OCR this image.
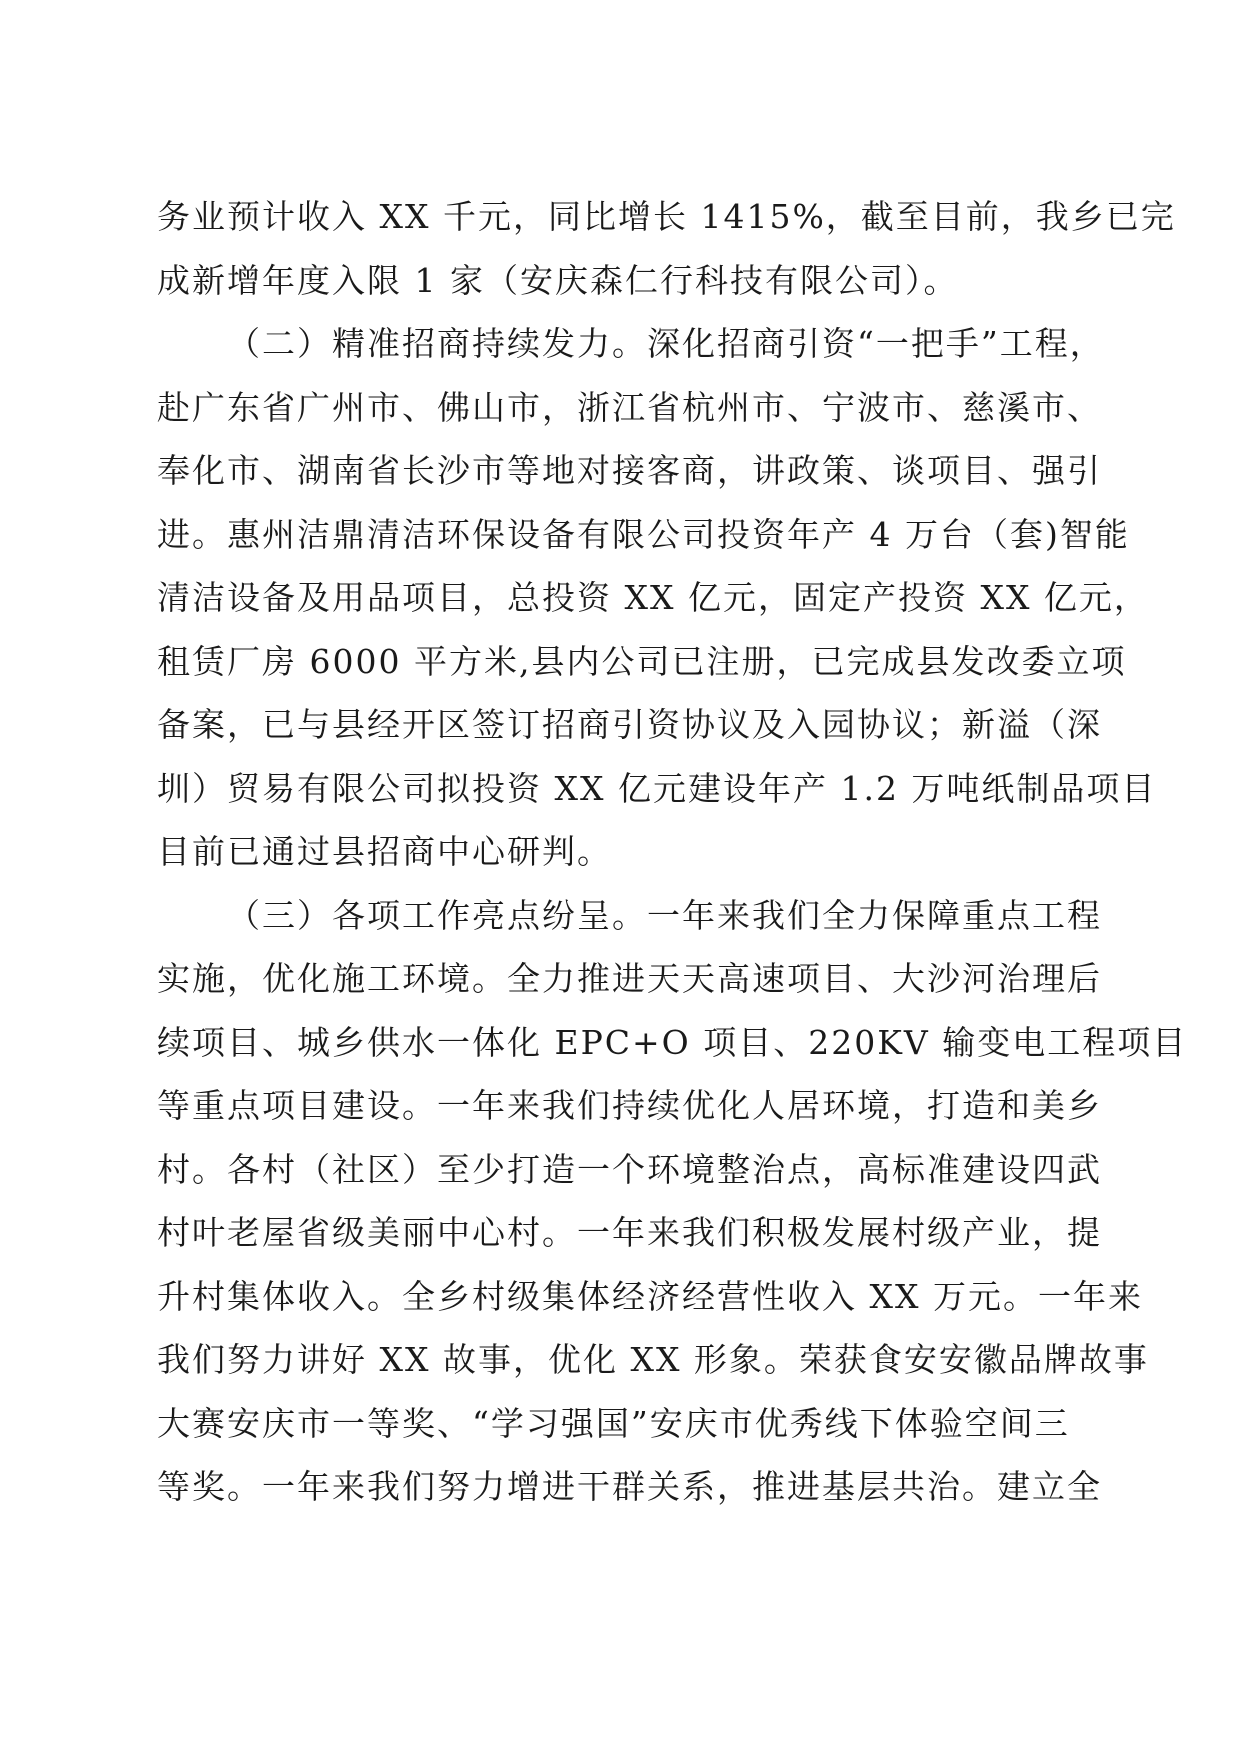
务业预计收入 XX 千元，同比增长 1415%，截至目前，我乡已完
成新增年度入限 1 家（安庆森仁行科技有限公司）。
（二）精准招商持续发力。深化招商引资“一把手”工程，
赴广东省广州市、佛山市，浙江省杭州市、宁波市、慈溪市、
奉化市、湖南省长沙市等地对接客商，讲政策、谈项目、强引
进。惠州洁鼎清洁环保设备有限公司投资年产 4 万台（套)智能
清洁设备及用品项目，总投资 XX 亿元，固定产投资 XX 亿元，
租赁厂房 6000 平方米,县内公司已注册，已完成县发改委立项
备案，已与县经开区签订招商引资协议及入园协议；新溢（深
圳）贸易有限公司拟投资 XX 亿元建设年产 1.2 万吨纸制品项目
目前已通过县招商中心研判。
（三）各项工作亮点纷呈。一年来我们全力保障重点工程
实施，优化施工环境。全力推进天天高速项目、大沙河治理后
续项目、城乡供水一体化 EPC+O 项目、220KV 输变电工程项目
等重点项目建设。一年来我们持续优化人居环境，打造和美乡
村。各村（社区）至少打造一个环境整治点，高标准建设四武
村叶老屋省级美丽中心村。一年来我们积极发展村级产业，提
升村集体收入。全乡村级集体经济经营性收入 XX 万元。一年来
我们努力讲好 XX 故事，优化 XX 形象。荣获食安安徽品牌故事
大赛安庆市一等奖、“学习强国”安庆市优秀线下体验空间三
等奖。一年来我们努力增进干群关系，推进基层共治。建立全
